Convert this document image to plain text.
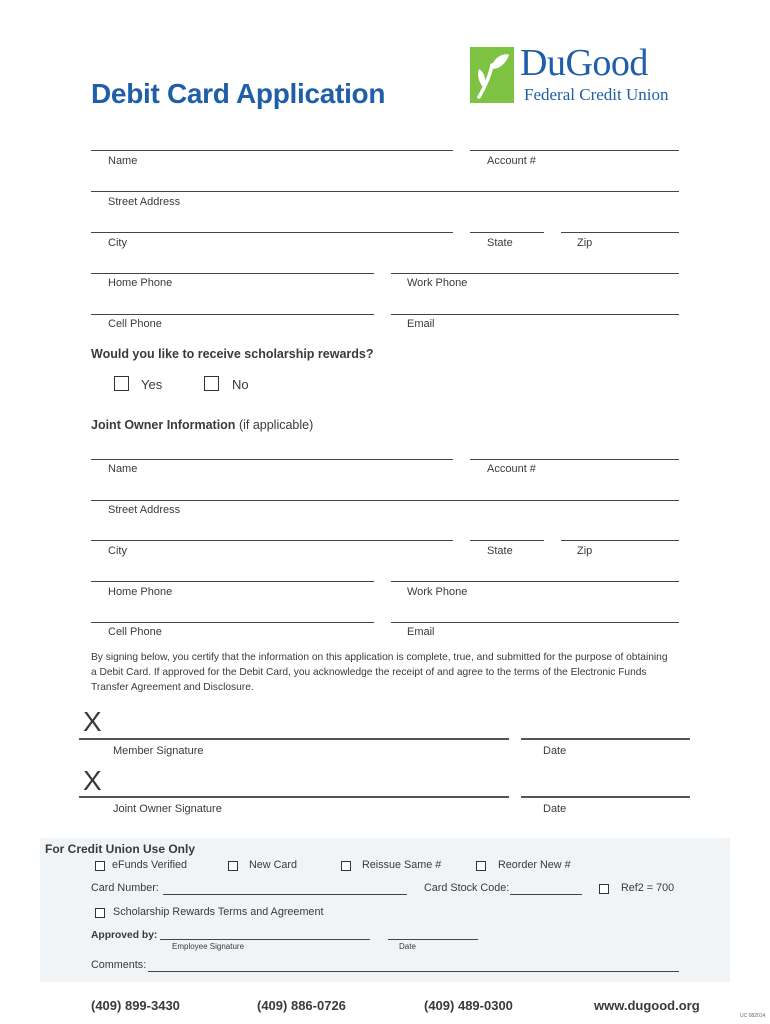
Debit Card Application
DuGood
Federal Credit Union
Name	Account #
Street Address
City	State	Zip
Home Phone	Work Phone
Cell Phone	Email
Would you like to receive scholarship rewards?
Yes	No
Joint Owner Information (if applicable)
Name	Account #
Street Address
City	State	Zip
Home Phone	Work Phone
Cell Phone	Email
By signing below, you certify that the information on this application is complete, true, and submitted for the purpose of obtaining a Debit Card. If approved for the Debit Card, you acknowledge the receipt of and agree to the terms of the Electronic Funds Transfer Agreement and Disclosure.
X
Member Signature	Date
X
Joint Owner Signature	Date
For Credit Union Use Only
eFunds Verified	New Card	Reissue Same #	Reorder New #
Card Number:	Card Stock Code:	Ref2 = 700
Scholarship Rewards Terms and Agreement
Approved by:
Employee Signature	Date
Comments:
(409) 899-3430	(409) 886-0726	(409) 489-0300	www.dugood.org
UC 082014
